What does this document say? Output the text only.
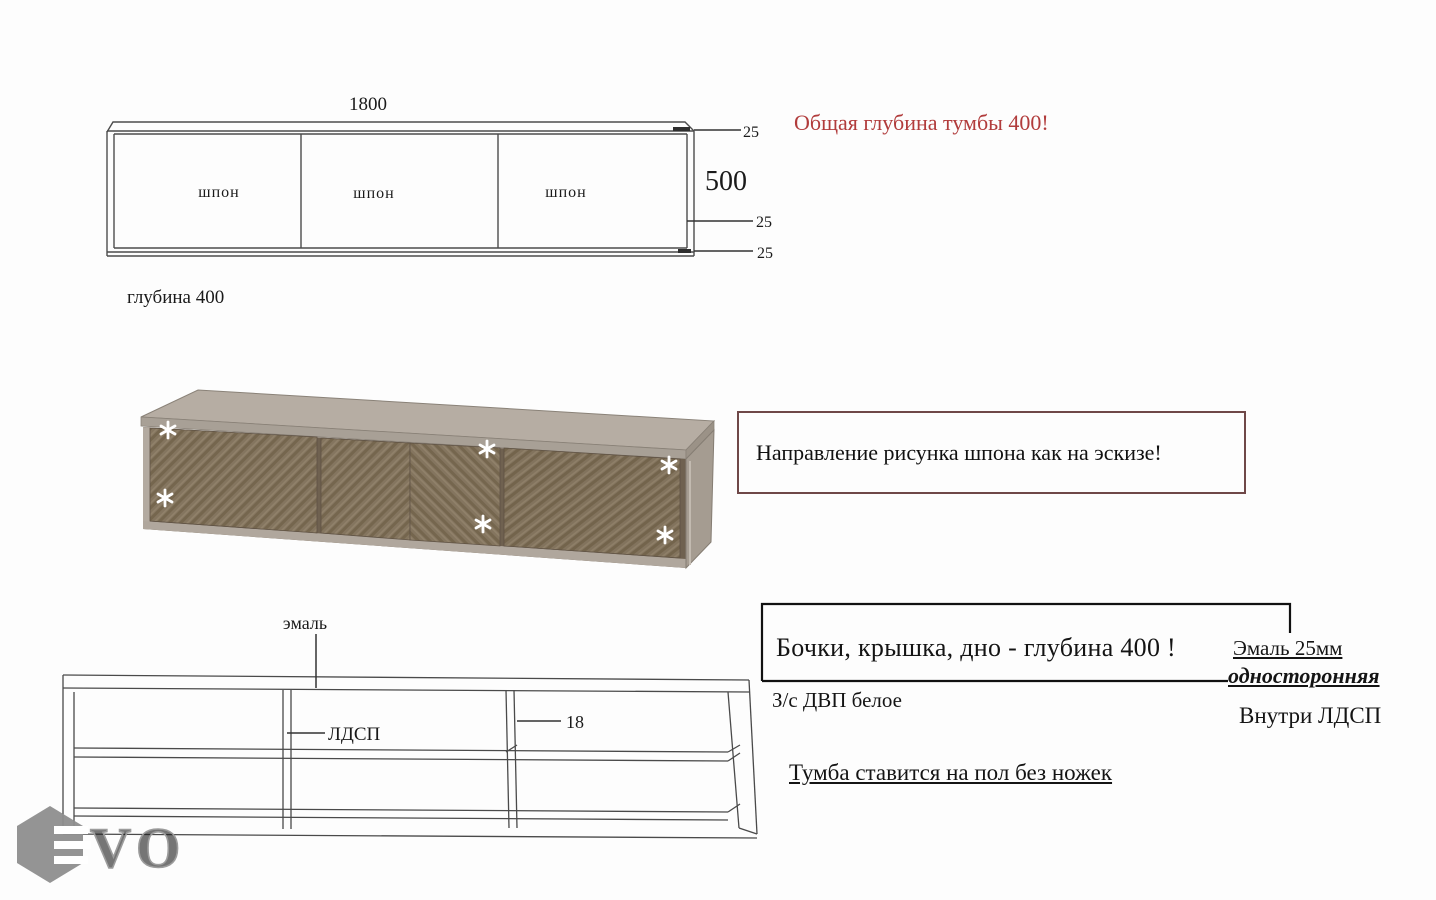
1800
шпон	шпон	шпон
25
500
25
25
глубина 400
эмаль
ЛДСП
18
VO
Общая глубина тумбы 400!
Направление рисунка шпона как на эскизе!
Бочки, крышка, дно - глубина 400 !
З/с ДВП белое
Эмаль 25мм
односторонняя
Внутри ЛДСП
Тумба ставится на пол без ножек
